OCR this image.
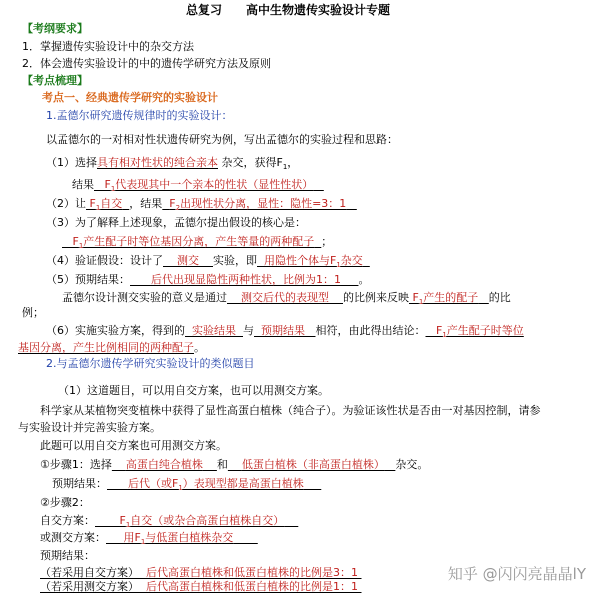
总复习　　高中生物遗传实验设计专题
【考纲要求】
1．掌握遗传实验设计中的杂交方法
2．体会遗传实验设计的中的遗传学研究方法及原则
【考点梳理】
考点一、经典遗传学研究的实验设计
1.孟德尔研究遗传规律时的实验设计：
以孟德尔的一对相对性状遗传研究为例，写出孟德尔的实验过程和思路：
（1）选择具有相对性状的纯合亲本 杂交，获得$F_1$，
结果 $F_1$代表现其中一个亲本的性状（显性性状）
（2）让 $F_1$自交 ，结果 $F_2$出现性状分离，显性：隐性=3：1
（3）为了解释上述现象，孟德尔提出假设的核心是：
$F_1$产生配子时等位基因分离，产生等量的两种配子 ；
（4）验证假设：设计了 测交 实验，即 用隐性个体与$F_1$杂交
（5）预期结果： 后代出现显隐性两种性状，比例为1：1 。
孟德尔设计测交实验的意义是通过 测交后代的表现型 的比例来反映 $F_1$产生的配子 的比
例；
（6）实施实验方案，得到的 实验结果 与 预期结果 相符，由此得出结论： $F_1$产生配子时等位
基因分离，产生比例相同的两种配子。
2.与孟德尔遗传学研究实验设计的类似题目
（1）这道题目，可以用自交方案，也可以用测交方案。
科学家从某植物突变植株中获得了显性高蛋白植株（纯合子）。为验证该性状是否由一对基因控制，请参
与实验设计并完善实验方案。
此题可以用自交方案也可用测交方案。
①步骤1：选择 高蛋白纯合植株 和 低蛋白植株（非高蛋白植株） 杂交。
预期结果： 后代（或$F_1$）表现型都是高蛋白植株
②步骤2：
自交方案： $F_1$自交（或杂合高蛋白植株自交）
或测交方案： 用$F_1$与低蛋白植株杂交
预期结果：
（若采用自交方案） 后代高蛋白植株和低蛋白植株的比例是3：1
（若采用测交方案） 后代高蛋白植株和低蛋白植株的比例是1：1
知乎 @闪闪亮晶晶lY
